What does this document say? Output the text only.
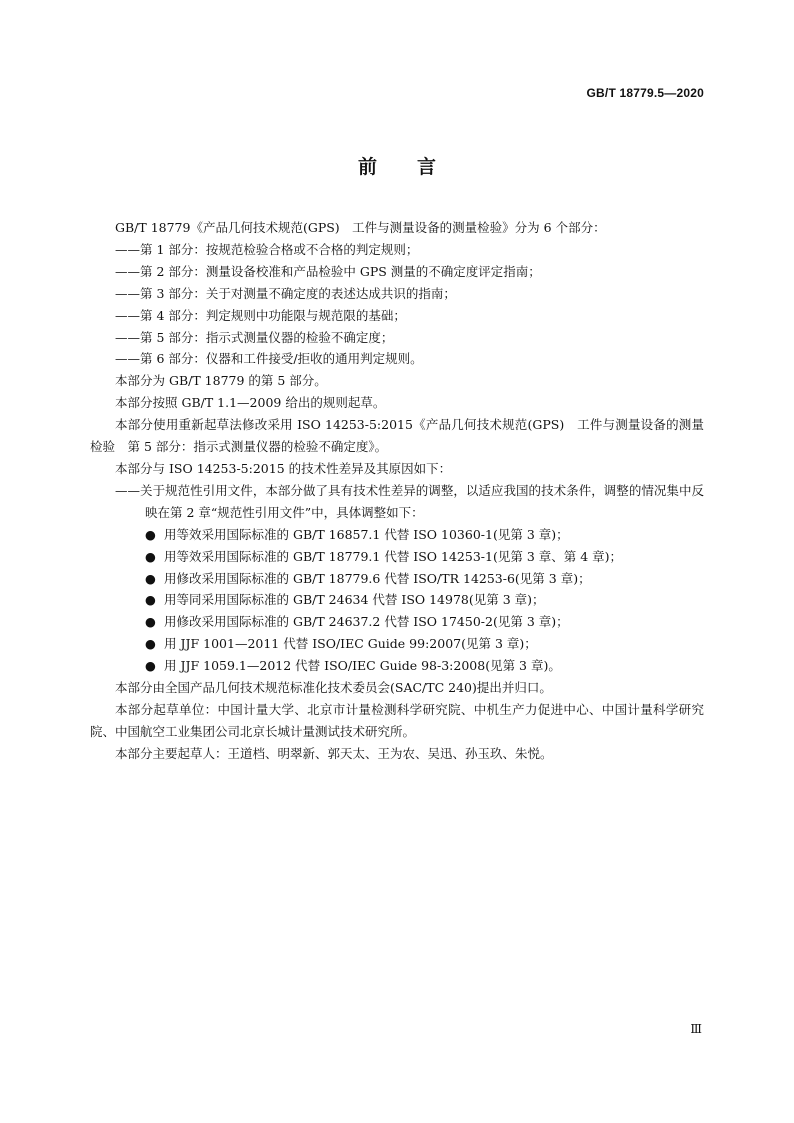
GB/T 18779.5—2020
前言

GB/T 18779《产品几何技术规范(GPS)　工件与测量设备的测量检验》分为 6 个部分：

——第 1 部分：按规范检验合格或不合格的判定规则；

——第 2 部分：测量设备校准和产品检验中 GPS 测量的不确定度评定指南；

——第 3 部分：关于对测量不确定度的表述达成共识的指南；

——第 4 部分：判定规则中功能限与规范限的基础；

——第 5 部分：指示式测量仪器的检验不确定度；

——第 6 部分：仪器和工件接受/拒收的通用判定规则。

本部分为 GB/T 18779 的第 5 部分。

本部分按照 GB/T 1.1—2009 给出的规则起草。

本部分使用重新起草法修改采用 ISO 14253-5:2015《产品几何技术规范(GPS)　工件与测量设备的测量检验　第 5 部分：指示式测量仪器的检验不确定度》。

本部分与 ISO 14253-5:2015 的技术性差异及其原因如下：

——关于规范性引用文件，本部分做了具有技术性差异的调整，以适应我国的技术条件，调整的情况集中反映在第 2 章“规范性引用文件”中，具体调整如下：

● 用等效采用国际标准的 GB/T 16857.1 代替 ISO 10360-1(见第 3 章)；

● 用等效采用国际标准的 GB/T 18779.1 代替 ISO 14253-1(见第 3 章、第 4 章)；

● 用修改采用国际标准的 GB/T 18779.6 代替 ISO/TR 14253-6(见第 3 章)；

● 用等同采用国际标准的 GB/T 24634 代替 ISO 14978(见第 3 章)；

● 用修改采用国际标准的 GB/T 24637.2 代替 ISO 17450-2(见第 3 章)；

● 用 JJF 1001—2011 代替 ISO/IEC Guide 99:2007(见第 3 章)；

● 用 JJF 1059.1—2012 代替 ISO/IEC Guide 98-3:2008(见第 3 章)。

本部分由全国产品几何技术规范标准化技术委员会(SAC/TC 240)提出并归口。

本部分起草单位：中国计量大学、北京市计量检测科学研究院、中机生产力促进中心、中国计量科学研究院、中国航空工业集团公司北京长城计量测试技术研究所。

本部分主要起草人：王道档、明翠新、郭天太、王为农、吴迅、孙玉玖、朱悦。

Ⅲ
